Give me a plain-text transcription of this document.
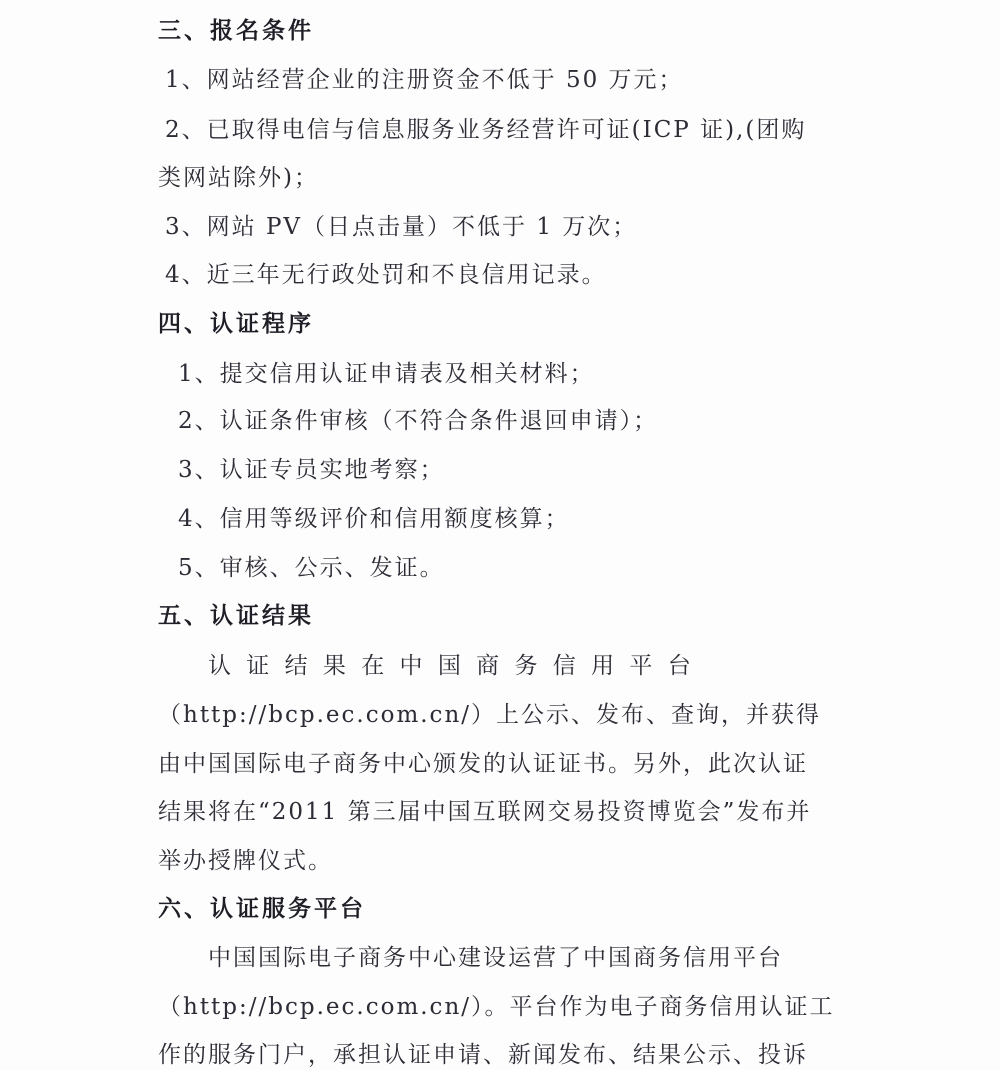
三、报名条件
1、网站经营企业的注册资金不低于 50 万元；
2、已取得电信与信息服务业务经营许可证(ICP 证),(团购
类网站除外)；
3、网站 PV（日点击量）不低于 1 万次；
4、近三年无行政处罚和不良信用记录。
四、认证程序
1、提交信用认证申请表及相关材料；
2、认证条件审核（不符合条件退回申请）；
3、认证专员实地考察；
4、信用等级评价和信用额度核算；
5、审核、公示、发证。
五、认证结果
认 证 结 果 在 中 国 商 务 信 用 平 台
（http://bcp.ec.com.cn/）上公示、发布、查询，并获得
由中国国际电子商务中心颁发的认证证书。另外，此次认证
结果将在“2011 第三届中国互联网交易投资博览会”发布并
举办授牌仪式。
六、认证服务平台
中国国际电子商务中心建设运营了中国商务信用平台
（http://bcp.ec.com.cn/）。平台作为电子商务信用认证工
作的服务门户，承担认证申请、新闻发布、结果公示、投诉
